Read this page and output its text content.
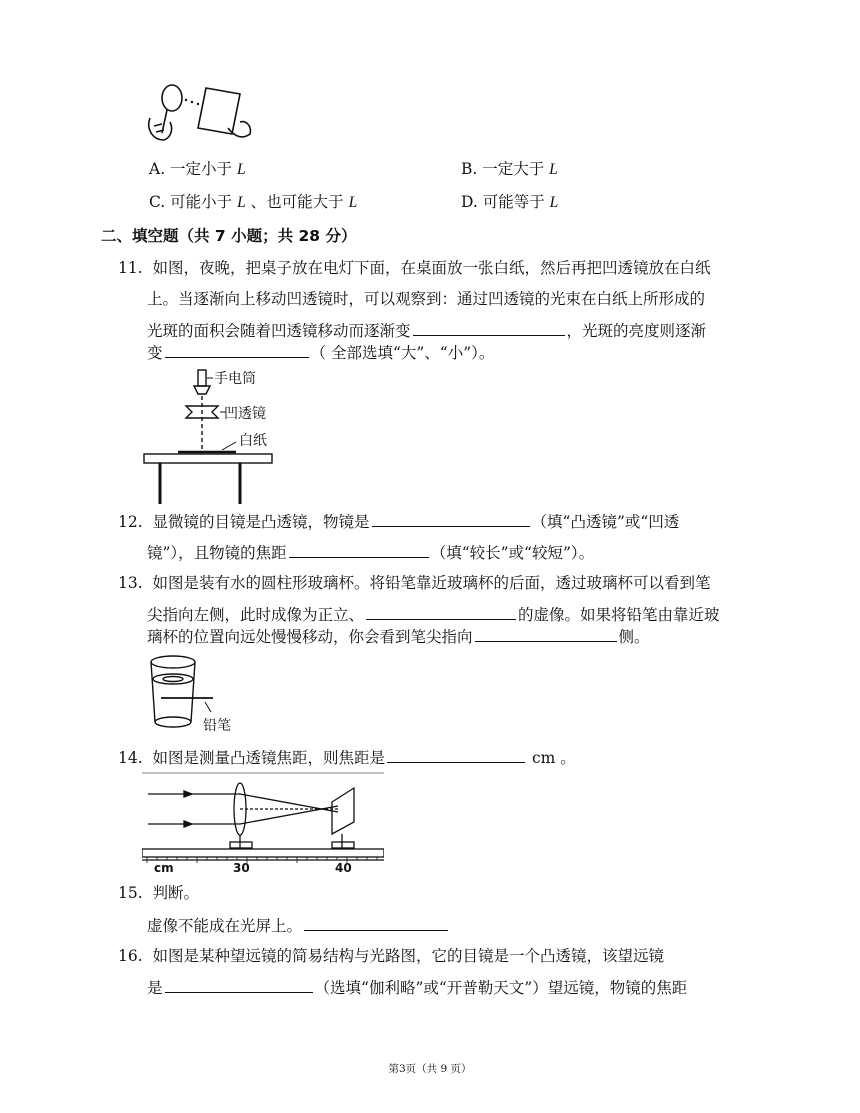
A. 一定小于 L	B. 一定大于 L
C. 可能小于 L 、也可能大于 L	D. 可能等于 L
二、填空题（共 7 小题；共 28 分）
11. 如图，夜晚，把桌子放在电灯下面，在桌面放一张白纸，然后再把凹透镜放在白纸
上。当逐渐向上移动凹透镜时，可以观察到：通过凹透镜的光束在白纸上所形成的
光斑的面积会随着凹透镜移动而逐渐变	，光斑的亮度则逐渐
变	（ 全部选填“大”、“小”）。
手电筒
凹透镜
白纸
12. 显微镜的目镜是凸透镜，物镜是	（填“凸透镜”或“凹透
镜”），且物镜的焦距	（填“较长”或“较短”）。
13. 如图是装有水的圆柱形玻璃杯。将铅笔靠近玻璃杯的后面，透过玻璃杯可以看到笔
尖指向左侧，此时成像为正立、	的虚像。如果将铅笔由靠近玻
璃杯的位置向远处慢慢移动，你会看到笔尖指向	侧。
铅笔
14. 如图是测量凸透镜焦距，则焦距是	cm 。
cm	30	40
15. 判断。
虚像不能成在光屏上。
16. 如图是某种望远镜的简易结构与光路图，它的目镜是一个凸透镜，该望远镜
是	（选填“伽利略”或“开普勒天文”）望远镜，物镜的焦距
第3页（共 9 页）
